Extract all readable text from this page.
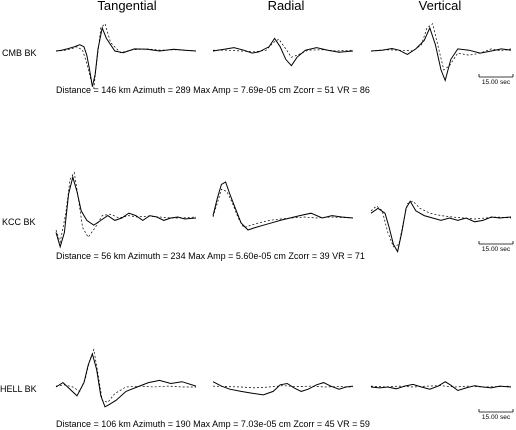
Tangential	Radial	Vertical
CMB BK
Distance = 146 km Azimuth = 289 Max Amp = 7.69e-05 cm Zcorr = 51 VR = 86
15.00 sec
KCC BK
Distance = 56 km Azimuth = 234 Max Amp = 5.60e-05 cm Zcorr = 39 VR = 71
15.00 sec
HELL BK
Distance = 106 km Azimuth = 190 Max Amp = 7.03e-05 cm Zcorr = 45 VR = 59
15.00 sec
